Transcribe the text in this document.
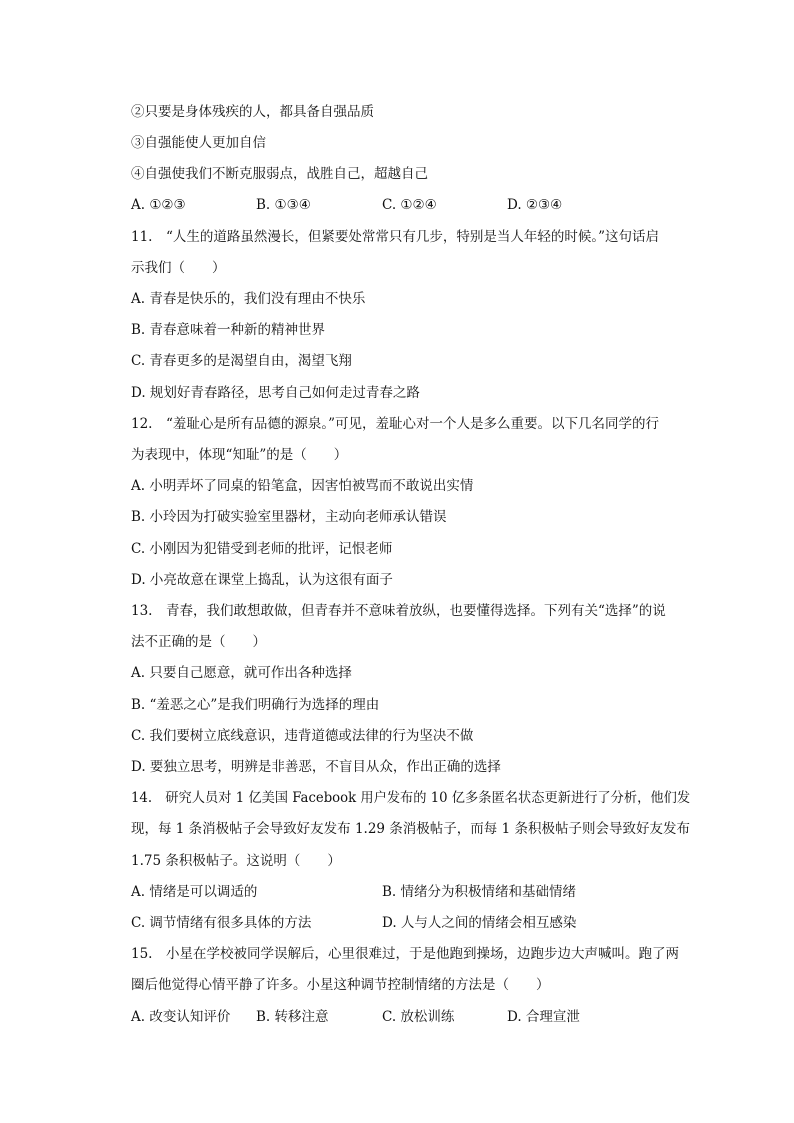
②只要是身体残疾的人，都具备自强品质
③自强能使人更加自信
④自强使我们不断克服弱点，战胜自己，超越自己
A. ①②③	B. ①③④	C. ①②④	D. ②③④
11.　“人生的道路虽然漫长，但紧要处常常只有几步，特别是当人年轻的时候。”这句话启
示我们（　　）
A. 青春是快乐的，我们没有理由不快乐
B. 青春意味着一种新的精神世界
C. 青春更多的是渴望自由，渴望飞翔
D. 规划好青春路径，思考自己如何走过青春之路
12.　“羞耻心是所有品德的源泉。”可见，羞耻心对一个人是多么重要。以下几名同学的行
为表现中，体现“知耻”的是（　　）
A. 小明弄坏了同桌的铅笔盒，因害怕被骂而不敢说出实情
B. 小玲因为打破实验室里器材，主动向老师承认错误
C. 小刚因为犯错受到老师的批评，记恨老师
D. 小亮故意在课堂上捣乱，认为这很有面子
13.　青春，我们敢想敢做，但青春并不意味着放纵，也要懂得选择。下列有关“选择”的说
法不正确的是（　　）
A. 只要自己愿意，就可作出各种选择
B. “羞恶之心”是我们明确行为选择的理由
C. 我们要树立底线意识，违背道德或法律的行为坚决不做
D. 要独立思考，明辨是非善恶，不盲目从众，作出正确的选择
14.　研究人员对 1 亿美国 Facebook 用户发布的 10 亿多条匿名状态更新进行了分析，他们发
现，每 1 条消极帖子会导致好友发布 1.29 条消极帖子，而每 1 条积极帖子则会导致好友发布
1.75 条积极帖子。这说明（　　）
A. 情绪是可以调适的	B. 情绪分为积极情绪和基础情绪
C. 调节情绪有很多具体的方法	D. 人与人之间的情绪会相互感染
15.　小星在学校被同学误解后，心里很难过，于是他跑到操场，边跑步边大声喊叫。跑了两
圈后他觉得心情平静了许多。小星这种调节控制情绪的方法是（　　）
A. 改变认知评价 B. 转移注意	C. 放松训练	D. 合理宣泄
